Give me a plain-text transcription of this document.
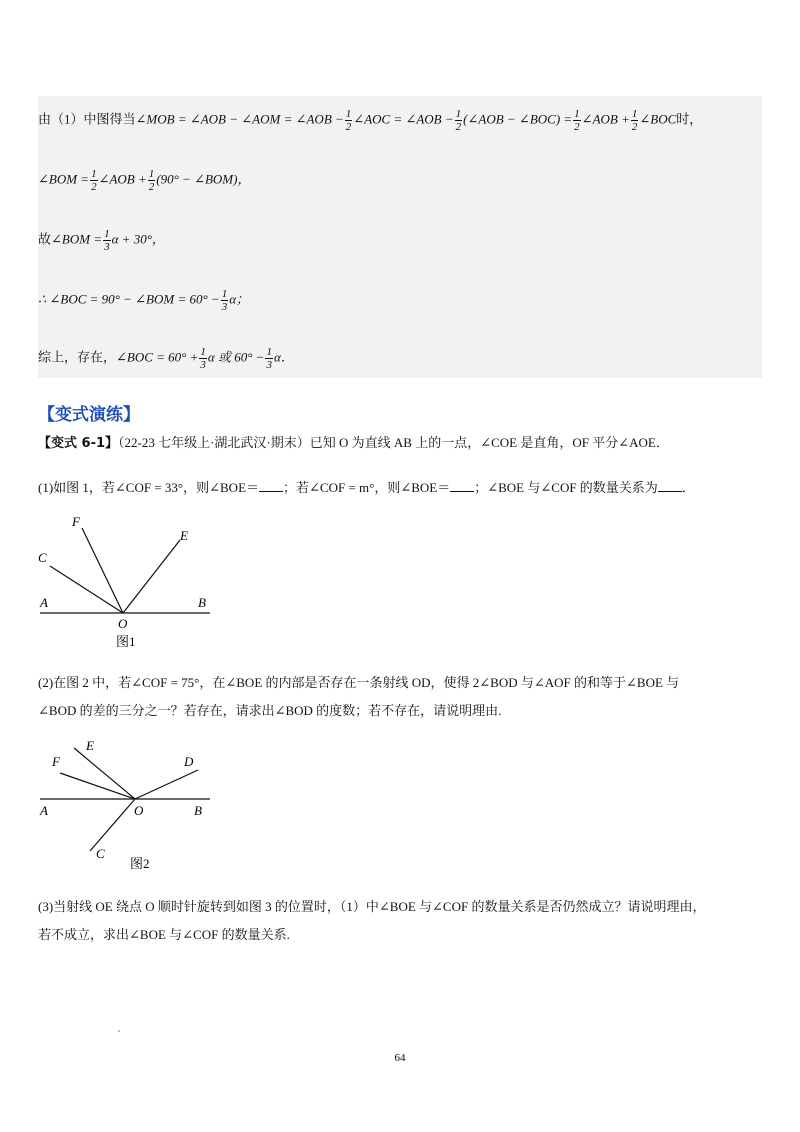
由（1）中图得当∠MOB = ∠AOB − ∠AOM = ∠AOB − $\frac{1}{2}$ ∠AOC = ∠AOB − $\frac{1}{2}$ (∠AOB − ∠BOC) = $\frac{1}{2}$ ∠AOB + $\frac{1}{2}$ ∠BOC时，
∠BOM = $\frac{1}{2}$ ∠AOB + $\frac{1}{2} (90^\circ$ − ∠BOM)，
故∠BOM = $\frac{1}{3}$ α + 30°，
∴ ∠BOC = 90° − ∠BOM = $60^\circ - \frac{1}{3}$ α；
综上，存在，∠BOC = $60^\circ + \frac{1}{3}$ α 或 $60^\circ - \frac{1}{3}$ α．
【变式演练】
【变式 6-1】（22-23 七年级上·湖北武汉·期末）已知 O 为直线 AB 上的一点，∠COE 是直角，OF 平分∠AOE．
(1)如图 1，若∠COF = 33°，则∠BOE＝ ；若∠COF = m°，则∠BOE＝ ；∠BOE 与∠COF 的数量关系为 ．
A	B
O
C
F
E
图1
(2)在图 2 中，若∠COF = 75°，在∠BOE 的内部是否存在一条射线 OD，使得 2∠BOD 与∠AOF 的和等于∠BOE 与
∠BOD 的差的三分之一？若存在，请求出∠BOD 的度数；若不存在，请说明理由.
A	B
O
F
E
D
C
图2
(3)当射线 OE 绕点 O 顺时针旋转到如图 3 的位置时，（1）中∠BOE 与∠COF 的数量关系是否仍然成立？请说明理由，
若不成立，求出∠BOE 与∠COF 的数量关系.
64
